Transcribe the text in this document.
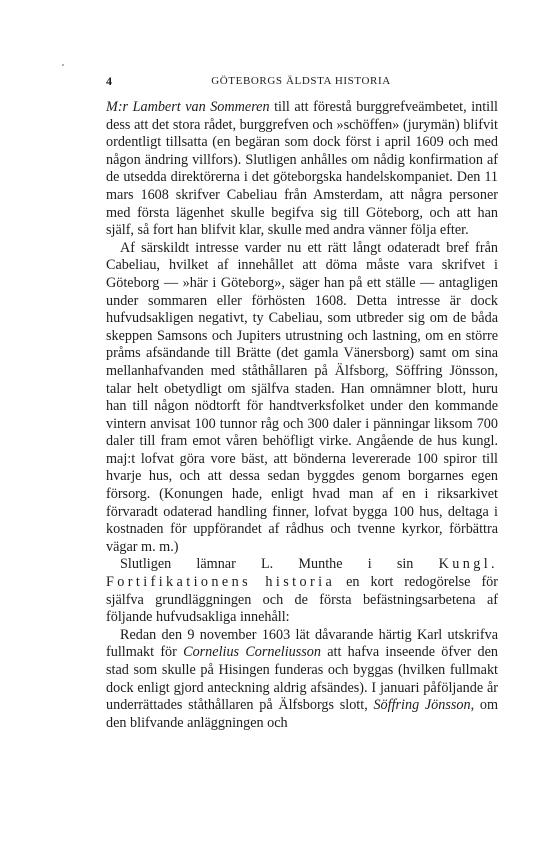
4	GÖTEBORGS ÄLDSTA HISTORIA

M:r Lambert van Sommeren till att förestå burggrefveämbetet, intill dess att det stora rådet, burggrefven och »schöffen» (jurymän) blifvit ordentligt tillsatta (en begäran som dock först i april 1609 och med någon ändring villfors). Slutligen anhålles om nådig konfirmation af de utsedda direktörerna i det göteborgska handelskompaniet. Den 11 mars 1608 skrifver Cabeliau från Amsterdam, att några personer med första lägenhet skulle begifva sig till Göteborg, och att han själf, så fort han blifvit klar, skulle med andra vänner följa efter.

Af särskildt intresse varder nu ett rätt långt odateradt bref från Cabeliau, hvilket af innehållet att döma måste vara skrifvet i Göteborg — »här i Göteborg», säger han på ett ställe — antagligen under sommaren eller förhösten 1608. Detta intresse är dock hufvudsakligen negativt, ty Cabeliau, som utbreder sig om de båda skeppen Samsons och Jupiters utrustning och lastning, om en större pråms afsändande till Brätte (det gamla Vänersborg) samt om sina mellanhafvanden med ståthållaren på Älfsborg, Söffring Jönsson, talar helt obetydligt om själfva staden. Han omnämner blott, huru han till någon nödtorft för handtverksfolket under den kommande vintern anvisat 100 tunnor råg och 300 daler i pänningar liksom 700 daler till fram emot våren behöfligt virke. Angående de hus kungl. maj:t lofvat göra vore bäst, att bönderna levererade 100 spiror till hvarje hus, och att dessa sedan byggdes genom borgarnes egen försorg. (Konungen hade, enligt hvad man af en i riksarkivet förvaradt odaterad handling finner, lofvat bygga 100 hus, deltaga i kostnaden för uppförandet af rådhus och tvenne kyrkor, förbättra vägar m. m.)

Slutligen lämnar L. Munthe i sin Kungl. Fortifikationens historia en kort redogörelse för själfva grundläggningen och de första befästningsarbetena af följande hufvudsakliga innehåll:

Redan den 9 november 1603 lät dåvarande härtig Karl utskrifva fullmakt för Cornelius Corneliusson att hafva inseende öfver den stad som skulle på Hisingen funderas och byggas (hvilken fullmakt dock enligt gjord anteckning aldrig afsändes). I januari påföljande år underrättades ståthållaren på Älfsborgs slott, Söffring Jönsson, om den blifvande anläggningen och
